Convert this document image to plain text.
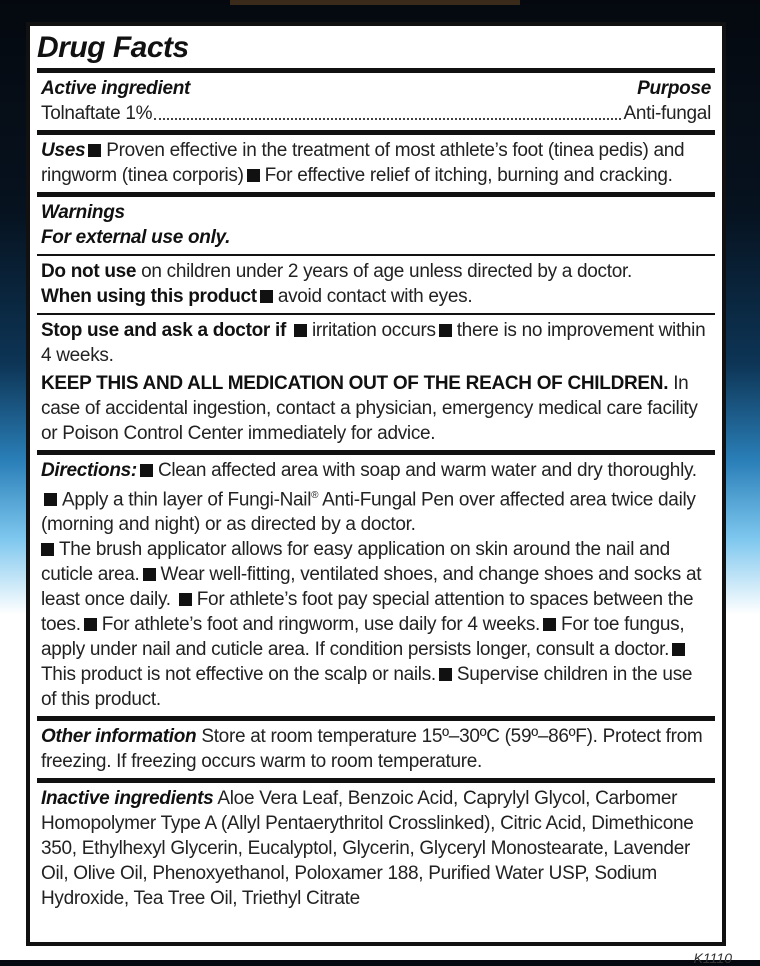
Drug Facts
Active ingredient	Purpose
Tolnaftate 1%	Anti-fungal
Uses Proven effective in the treatment of most athlete’s foot (tinea pedis) and ringworm (tinea corporis) For effective relief of itching, burning and cracking.
Warnings
For external use only.
Do not use on children under 2 years of age unless directed by a doctor.
When using this product avoid contact with eyes.
Stop use and ask a doctor if irritation occurs there is no improvement within 4 weeks.
KEEP THIS AND ALL MEDICATION OUT OF THE REACH OF CHILDREN. In case of accidental ingestion, contact a physician, emergency medical care facility or Poison Control Center immediately for advice.
Directions: Clean affected area with soap and warm water and dry thoroughly.Apply a thin layer of Fungi-Nail® Anti-Fungal Pen over affected area twice daily (morning and night) or as directed by a doctor.
The brush applicator allows for easy application on skin around the nail and cuticle area. Wear well-fitting, ventilated shoes, and change shoes and socks at least once daily. For athlete’s foot pay special attention to spaces between the toes. For athlete’s foot and ringworm, use daily for 4 weeks. For toe fungus, apply under nail and cuticle area. If condition persists longer, consult a doctor.This product is not effective on the scalp or nails. Supervise children in the use of this product.
Other information Store at room temperature 15º–30ºC (59º–86ºF). Protect from freezing. If freezing occurs warm to room temperature.
Inactive ingredients Aloe Vera Leaf, Benzoic Acid, Caprylyl Glycol, Carbomer Homopolymer Type A (Allyl Pentaerythritol Crosslinked), Citric Acid, Dimethicone 350, Ethylhexyl Glycerin, Eucalyptol, Glycerin, Glyceryl Monostearate, Lavender Oil, Olive Oil, Phenoxyethanol, Poloxamer 188, Purified Water USP, Sodium Hydroxide, Tea Tree Oil, Triethyl Citrate
K1110
